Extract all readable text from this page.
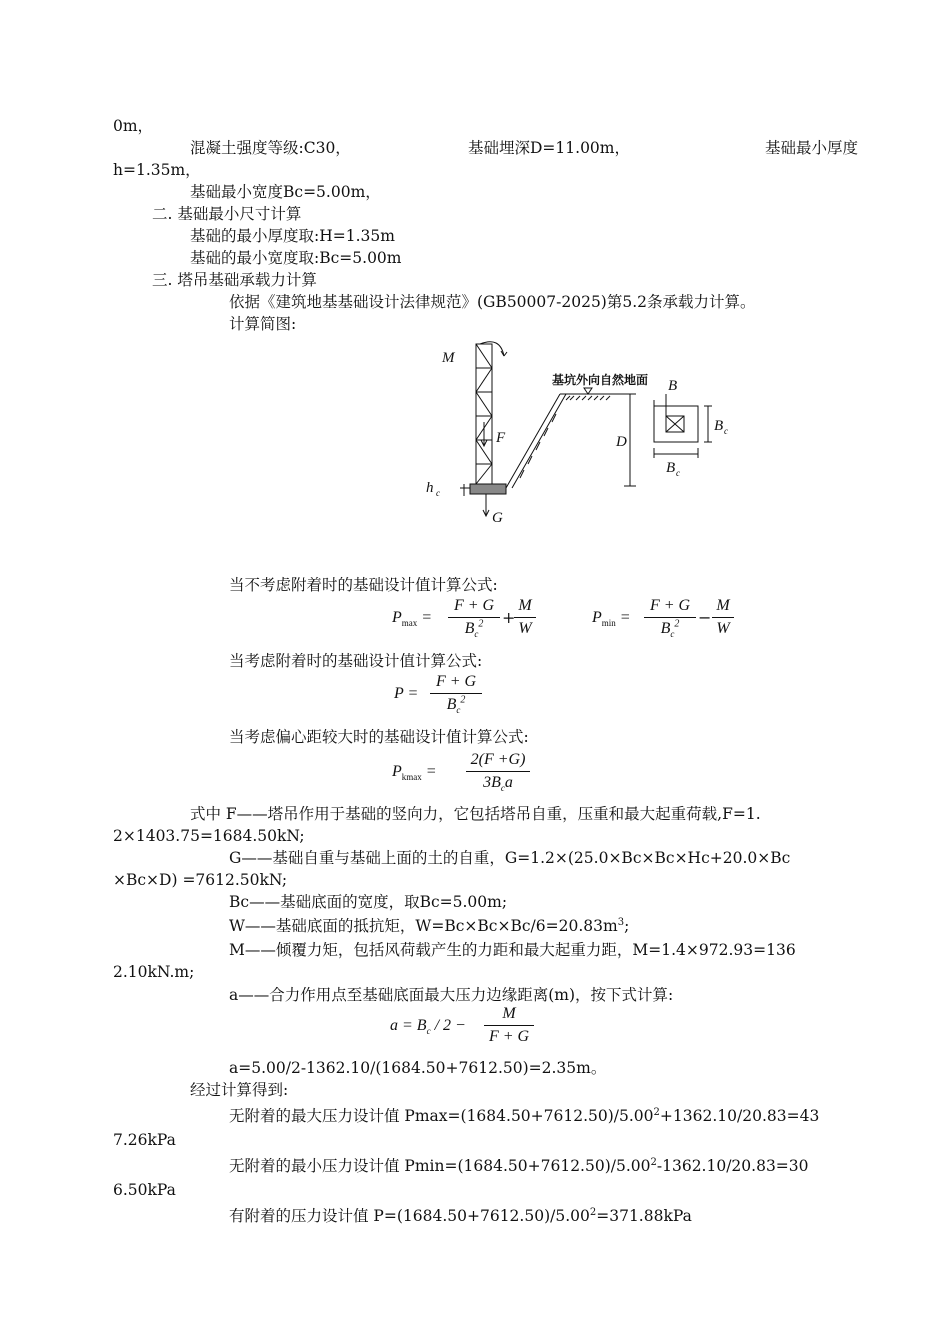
0m，
混凝土强度等级:C30，	基础埋深D=11.00m，	基础最小厚度
h=1.35m，
基础最小宽度Bc=5.00m，
二. 基础最小尺寸计算
基础的最小厚度取:H=1.35m
基础的最小宽度取:Bc=5.00m
三. 塔吊基础承载力计算
依据《建筑地基基础设计法律规范》(GB50007-2025)第5.2条承载力计算。
计算简图:
M
F
G
h c
D
B
B c
B c
基坑外向自然地面
当不考虑附着时的基础设计值计算公式:
$P_{max}$ =
F + G
$B_c^2$	+
M
W
$P_{min}$ =
F + G
$B_c^2$	−
M
W
当考虑附着时的基础设计值计算公式:
P =
F + G
$B_c^2$
当考虑偏心距较大时的基础设计值计算公式:
$P_{kmax}$ =
2(F +G)
$3B_ca$
式中 F——塔吊作用于基础的竖向力，它包括塔吊自重，压重和最大起重荷载,F=1.
2×1403.75=1684.50kN;
G——基础自重与基础上面的土的自重，G=1.2×(25.0×Bc×Bc×Hc+20.0×Bc
×Bc×D) =7612.50kN;
Bc——基础底面的宽度，取Bc=5.00m;
W——基础底面的抵抗矩，$W=Bc\times Bc\times Bc/6=20.83m^3$;
M——倾覆力矩，包括风荷载产生的力距和最大起重力距，M=1.4×972.93=136
2.10kN.m;
a——合力作用点至基础底面最大压力边缘距离(m)，按下式计算:
$a = B_c / 2$ −
M
F + G
a=5.00/2-1362.10/(1684.50+7612.50)=2.35m。
经过计算得到:
无附着的最大压力设计值 $Pmax=(1684.50+7612.50)/5.00^2+1362.10/20.83=43$
7.26kPa
无附着的最小压力设计值 $Pmin=(1684.50+7612.50)/5.00^2-1362.10/20.83=30$
6.50kPa
有附着的压力设计值 $P=(1684.50+7612.50)/5.00^2=371.88kPa$
